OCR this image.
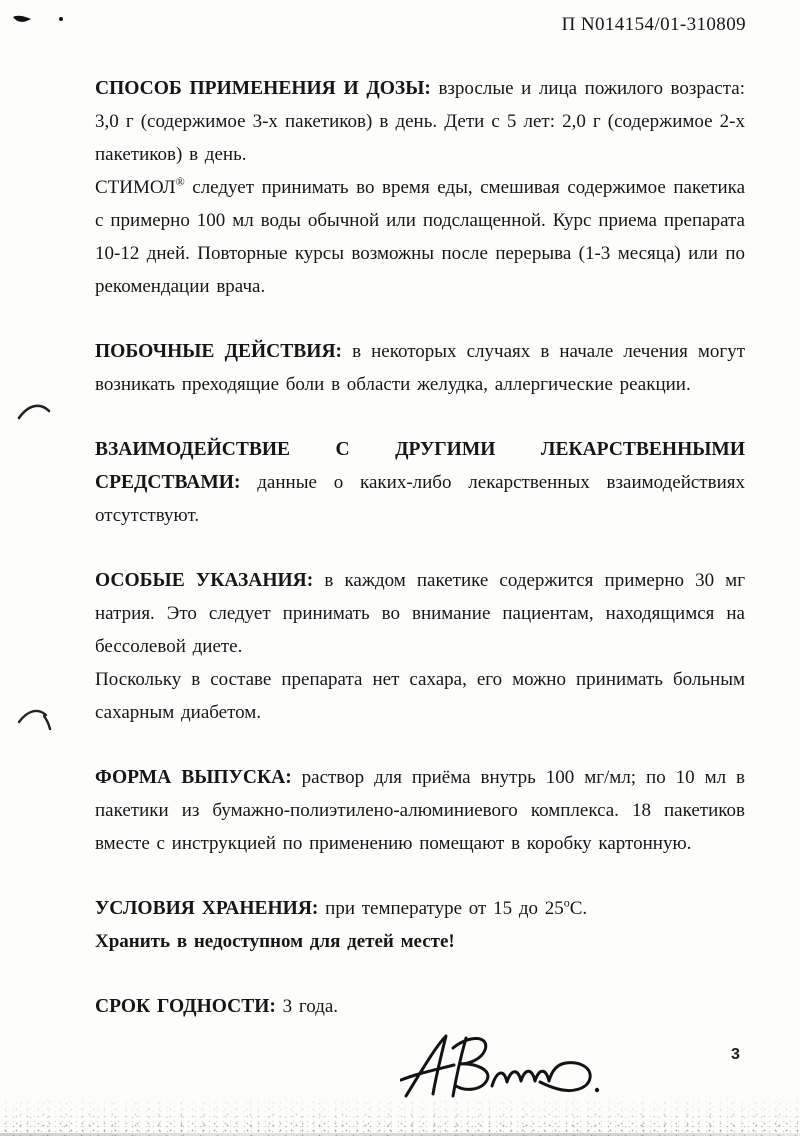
П N014154/01-310809

СПОСОБ ПРИМЕНЕНИЯ И ДОЗЫ: взрослые и лица пожилого возраста: 3,0 г (содержимое 3-х пакетиков) в день. Дети с 5 лет: 2,0 г (содержимое 2-х пакетиков) в день.

СТИМОЛ® следует принимать во время еды, смешивая содержимое пакетика с примерно 100 мл воды обычной или подслащенной. Курс приема препарата 10-12 дней. Повторные курсы возможны после перерыва (1-3 месяца) или по рекомендации врача.

ПОБОЧНЫЕ ДЕЙСТВИЯ: в некоторых случаях в начале лечения могут возникать преходящие боли в области желудка, аллергические реакции.

ВЗАИМОДЕЙСТВИЕ С ДРУГИМИ ЛЕКАРСТВЕННЫМИ

СРЕДСТВАМИ: данные о каких-либо лекарственных взаимодействиях отсутствуют.

ОСОБЫЕ УКАЗАНИЯ: в каждом пакетике содержится примерно 30 мг натрия. Это следует принимать во внимание пациентам, находящимся на бессолевой диете.

Поскольку в составе препарата нет сахара, его можно принимать больным сахарным диабетом.

ФОРМА ВЫПУСКА: раствор для приёма внутрь 100 мг/мл; по 10 мл в пакетики из бумажно-полиэтилено-алюминиевого комплекса. 18 пакетиков вместе с инструкцией по применению помещают в коробку картонную.

УСЛОВИЯ ХРАНЕНИЯ: при температуре от 15 до $25^оС$.

Хранить в недоступном для детей месте!

СРОК ГОДНОСТИ: 3 года.

3
